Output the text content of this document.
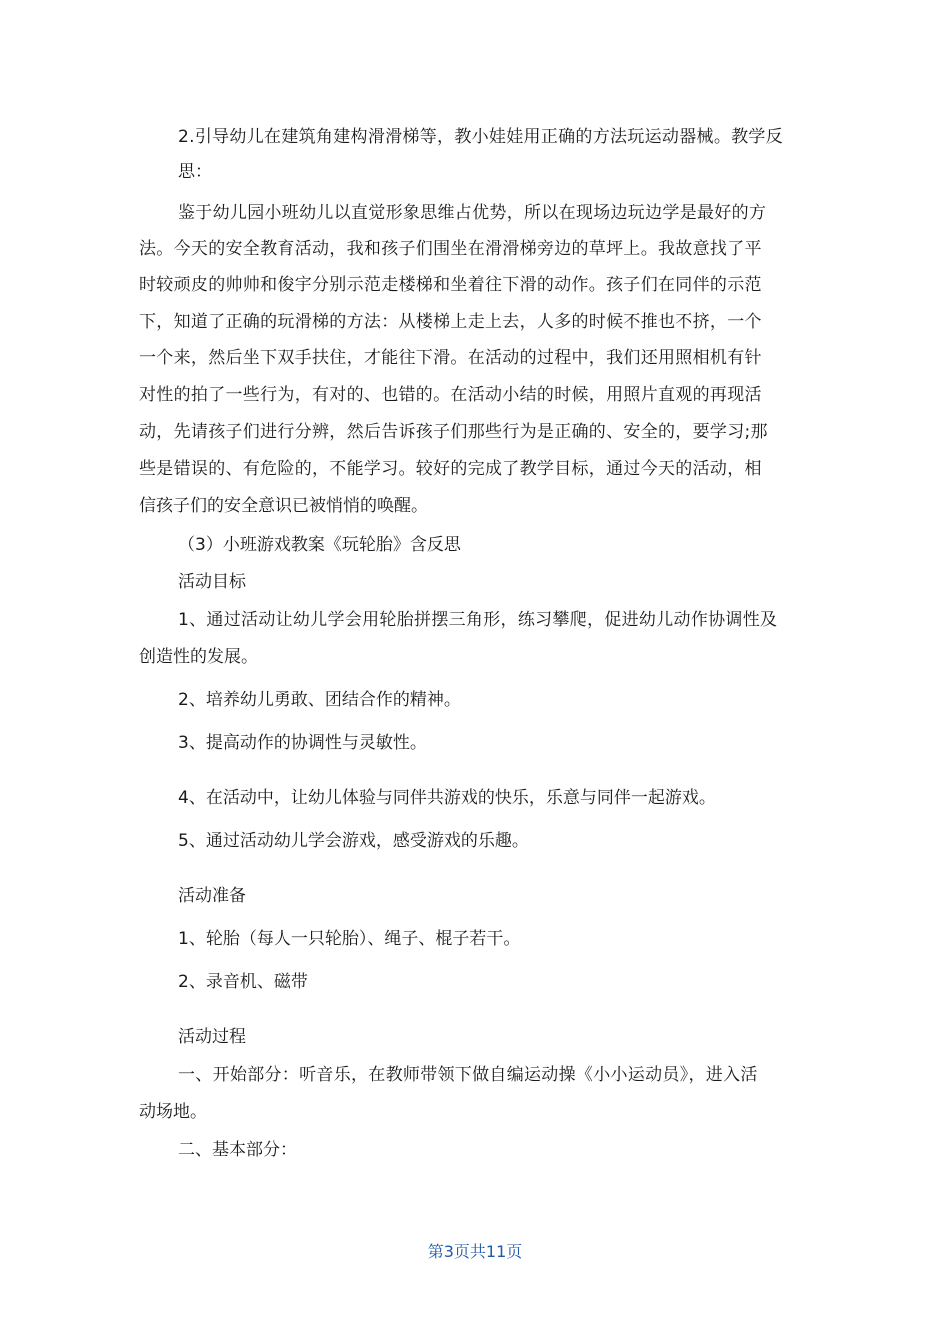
2.引导幼儿在建筑角建构滑滑梯等，教小娃娃用正确的方法玩运动器械。教学反
思：
鉴于幼儿园小班幼儿以直觉形象思维占优势，所以在现场边玩边学是最好的方
法。今天的安全教育活动，我和孩子们围坐在滑滑梯旁边的草坪上。我故意找了平
时较顽皮的帅帅和俊宇分别示范走楼梯和坐着往下滑的动作。孩子们在同伴的示范
下，知道了正确的玩滑梯的方法：从楼梯上走上去，人多的时候不推也不挤，一个
一个来，然后坐下双手扶住，才能往下滑。在活动的过程中，我们还用照相机有针
对性的拍了一些行为，有对的、也错的。在活动小结的时候，用照片直观的再现活
动，先请孩子们进行分辨，然后告诉孩子们那些行为是正确的、安全的，要学习;那
些是错误的、有危险的，不能学习。较好的完成了教学目标，通过今天的活动，相
信孩子们的安全意识已被悄悄的唤醒。
（3）小班游戏教案《玩轮胎》含反思
活动目标
1、通过活动让幼儿学会用轮胎拼摆三角形，练习攀爬，促进幼儿动作协调性及
创造性的发展。
2、培养幼儿勇敢、团结合作的精神。
3、提高动作的协调性与灵敏性。
4、在活动中，让幼儿体验与同伴共游戏的快乐，乐意与同伴一起游戏。
5、通过活动幼儿学会游戏，感受游戏的乐趣。
活动准备
1、轮胎（每人一只轮胎）、绳子、棍子若干。
2、录音机、磁带
活动过程
一、开始部分：听音乐，在教师带领下做自编运动操《小小运动员》，进入活
动场地。
二、基本部分：
第3页共11页
